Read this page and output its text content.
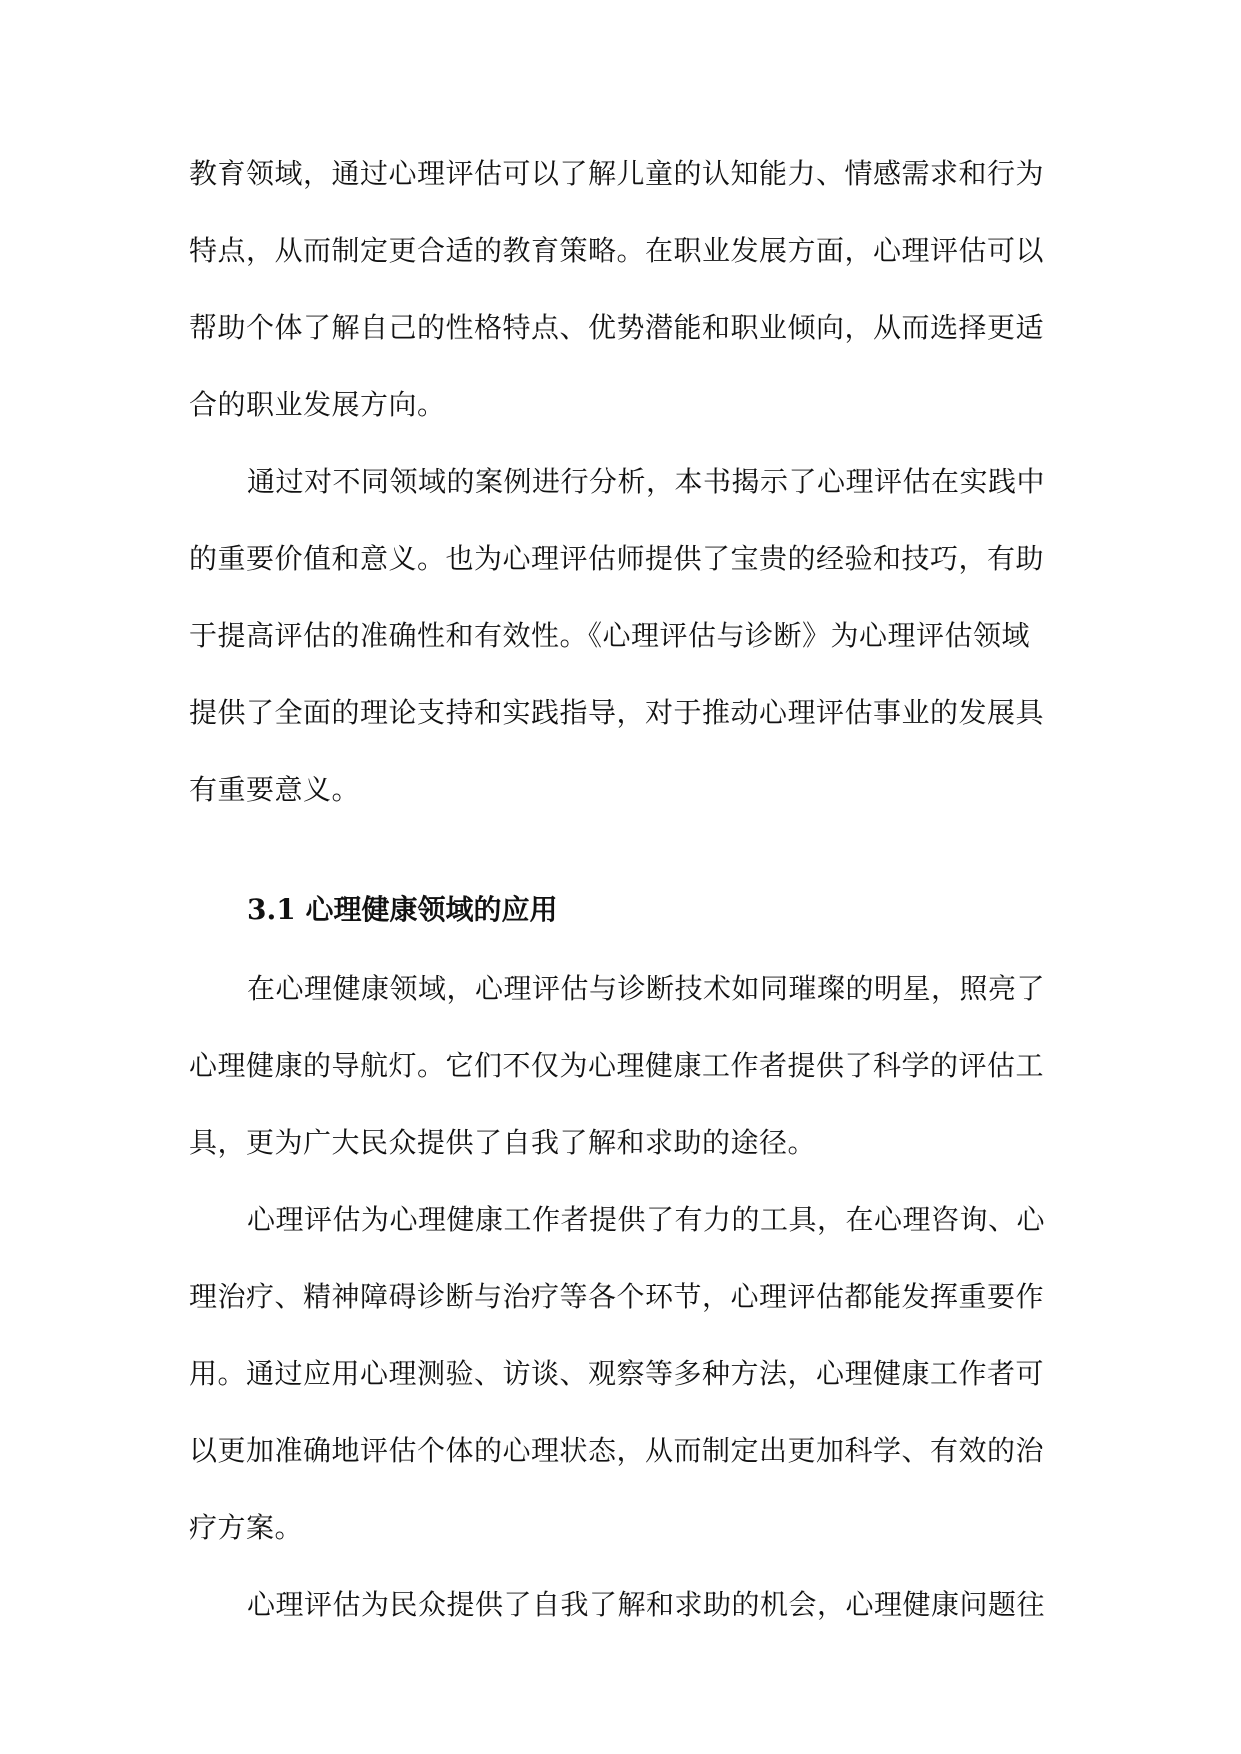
教育领域，通过心理评估可以了解儿童的认知能力、情感需求和行为
特点，从而制定更合适的教育策略。在职业发展方面，心理评估可以
帮助个体了解自己的性格特点、优势潜能和职业倾向，从而选择更适
合的职业发展方向。
通过对不同领域的案例进行分析，本书揭示了心理评估在实践中
的重要价值和意义。也为心理评估师提供了宝贵的经验和技巧，有助
于提高评估的准确性和有效性。《心理评估与诊断》为心理评估领域
提供了全面的理论支持和实践指导，对于推动心理评估事业的发展具
有重要意义。
3.1 心理健康领域的应用
在心理健康领域，心理评估与诊断技术如同璀璨的明星，照亮了
心理健康的导航灯。它们不仅为心理健康工作者提供了科学的评估工
具，更为广大民众提供了自我了解和求助的途径。
心理评估为心理健康工作者提供了有力的工具，在心理咨询、心
理治疗、精神障碍诊断与治疗等各个环节，心理评估都能发挥重要作
用。通过应用心理测验、访谈、观察等多种方法，心理健康工作者可
以更加准确地评估个体的心理状态，从而制定出更加科学、有效的治
疗方案。
心理评估为民众提供了自我了解和求助的机会，心理健康问题往
